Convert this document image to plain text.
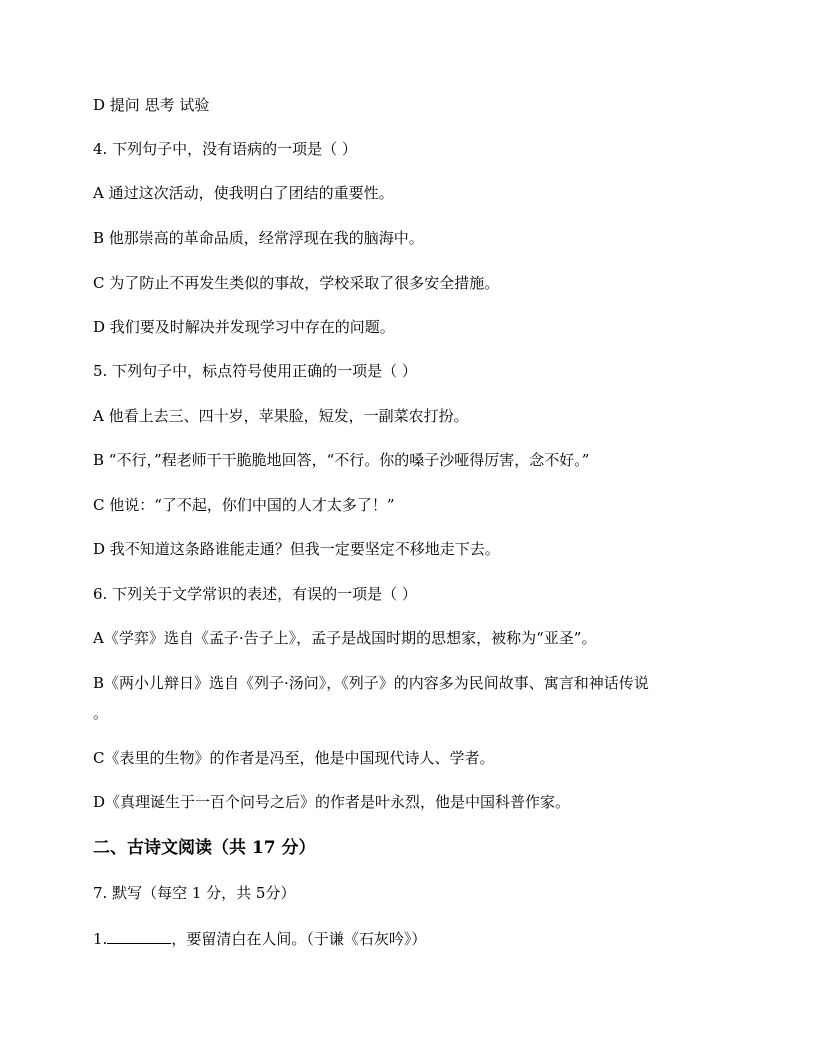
D 提问 思考 试验
4. 下列句子中，没有语病的一项是（ ）
A 通过这次活动，使我明白了团结的重要性。
B 他那崇高的革命品质，经常浮现在我的脑海中。
C 为了防止不再发生类似的事故，学校采取了很多安全措施。
D 我们要及时解决并发现学习中存在的问题。
5. 下列句子中，标点符号使用正确的一项是（ ）
A 他看上去三、四十岁，苹果脸，短发，一副菜农打扮。
B “不行，”程老师干干脆脆地回答，“不行。你的嗓子沙哑得厉害，念不好。”
C 他说：“了不起，你们中国的人才太多了！”
D 我不知道这条路谁能走通？但我一定要坚定不移地走下去。
6. 下列关于文学常识的表述，有误的一项是（ ）
A《学弈》选自《孟子·告子上》，孟子是战国时期的思想家，被称为“亚圣”。
B《两小儿辩日》选自《列子·汤问》，《列子》的内容多为民间故事、寓言和神话传说
。
C《表里的生物》的作者是冯至，他是中国现代诗人、学者。
D《真理诞生于一百个问号之后》的作者是叶永烈，他是中国科普作家。
二、古诗文阅读（共 17 分）
7. 默写（每空 1 分，共 5分）
1.	，要留清白在人间。（于谦《石灰吟》）
